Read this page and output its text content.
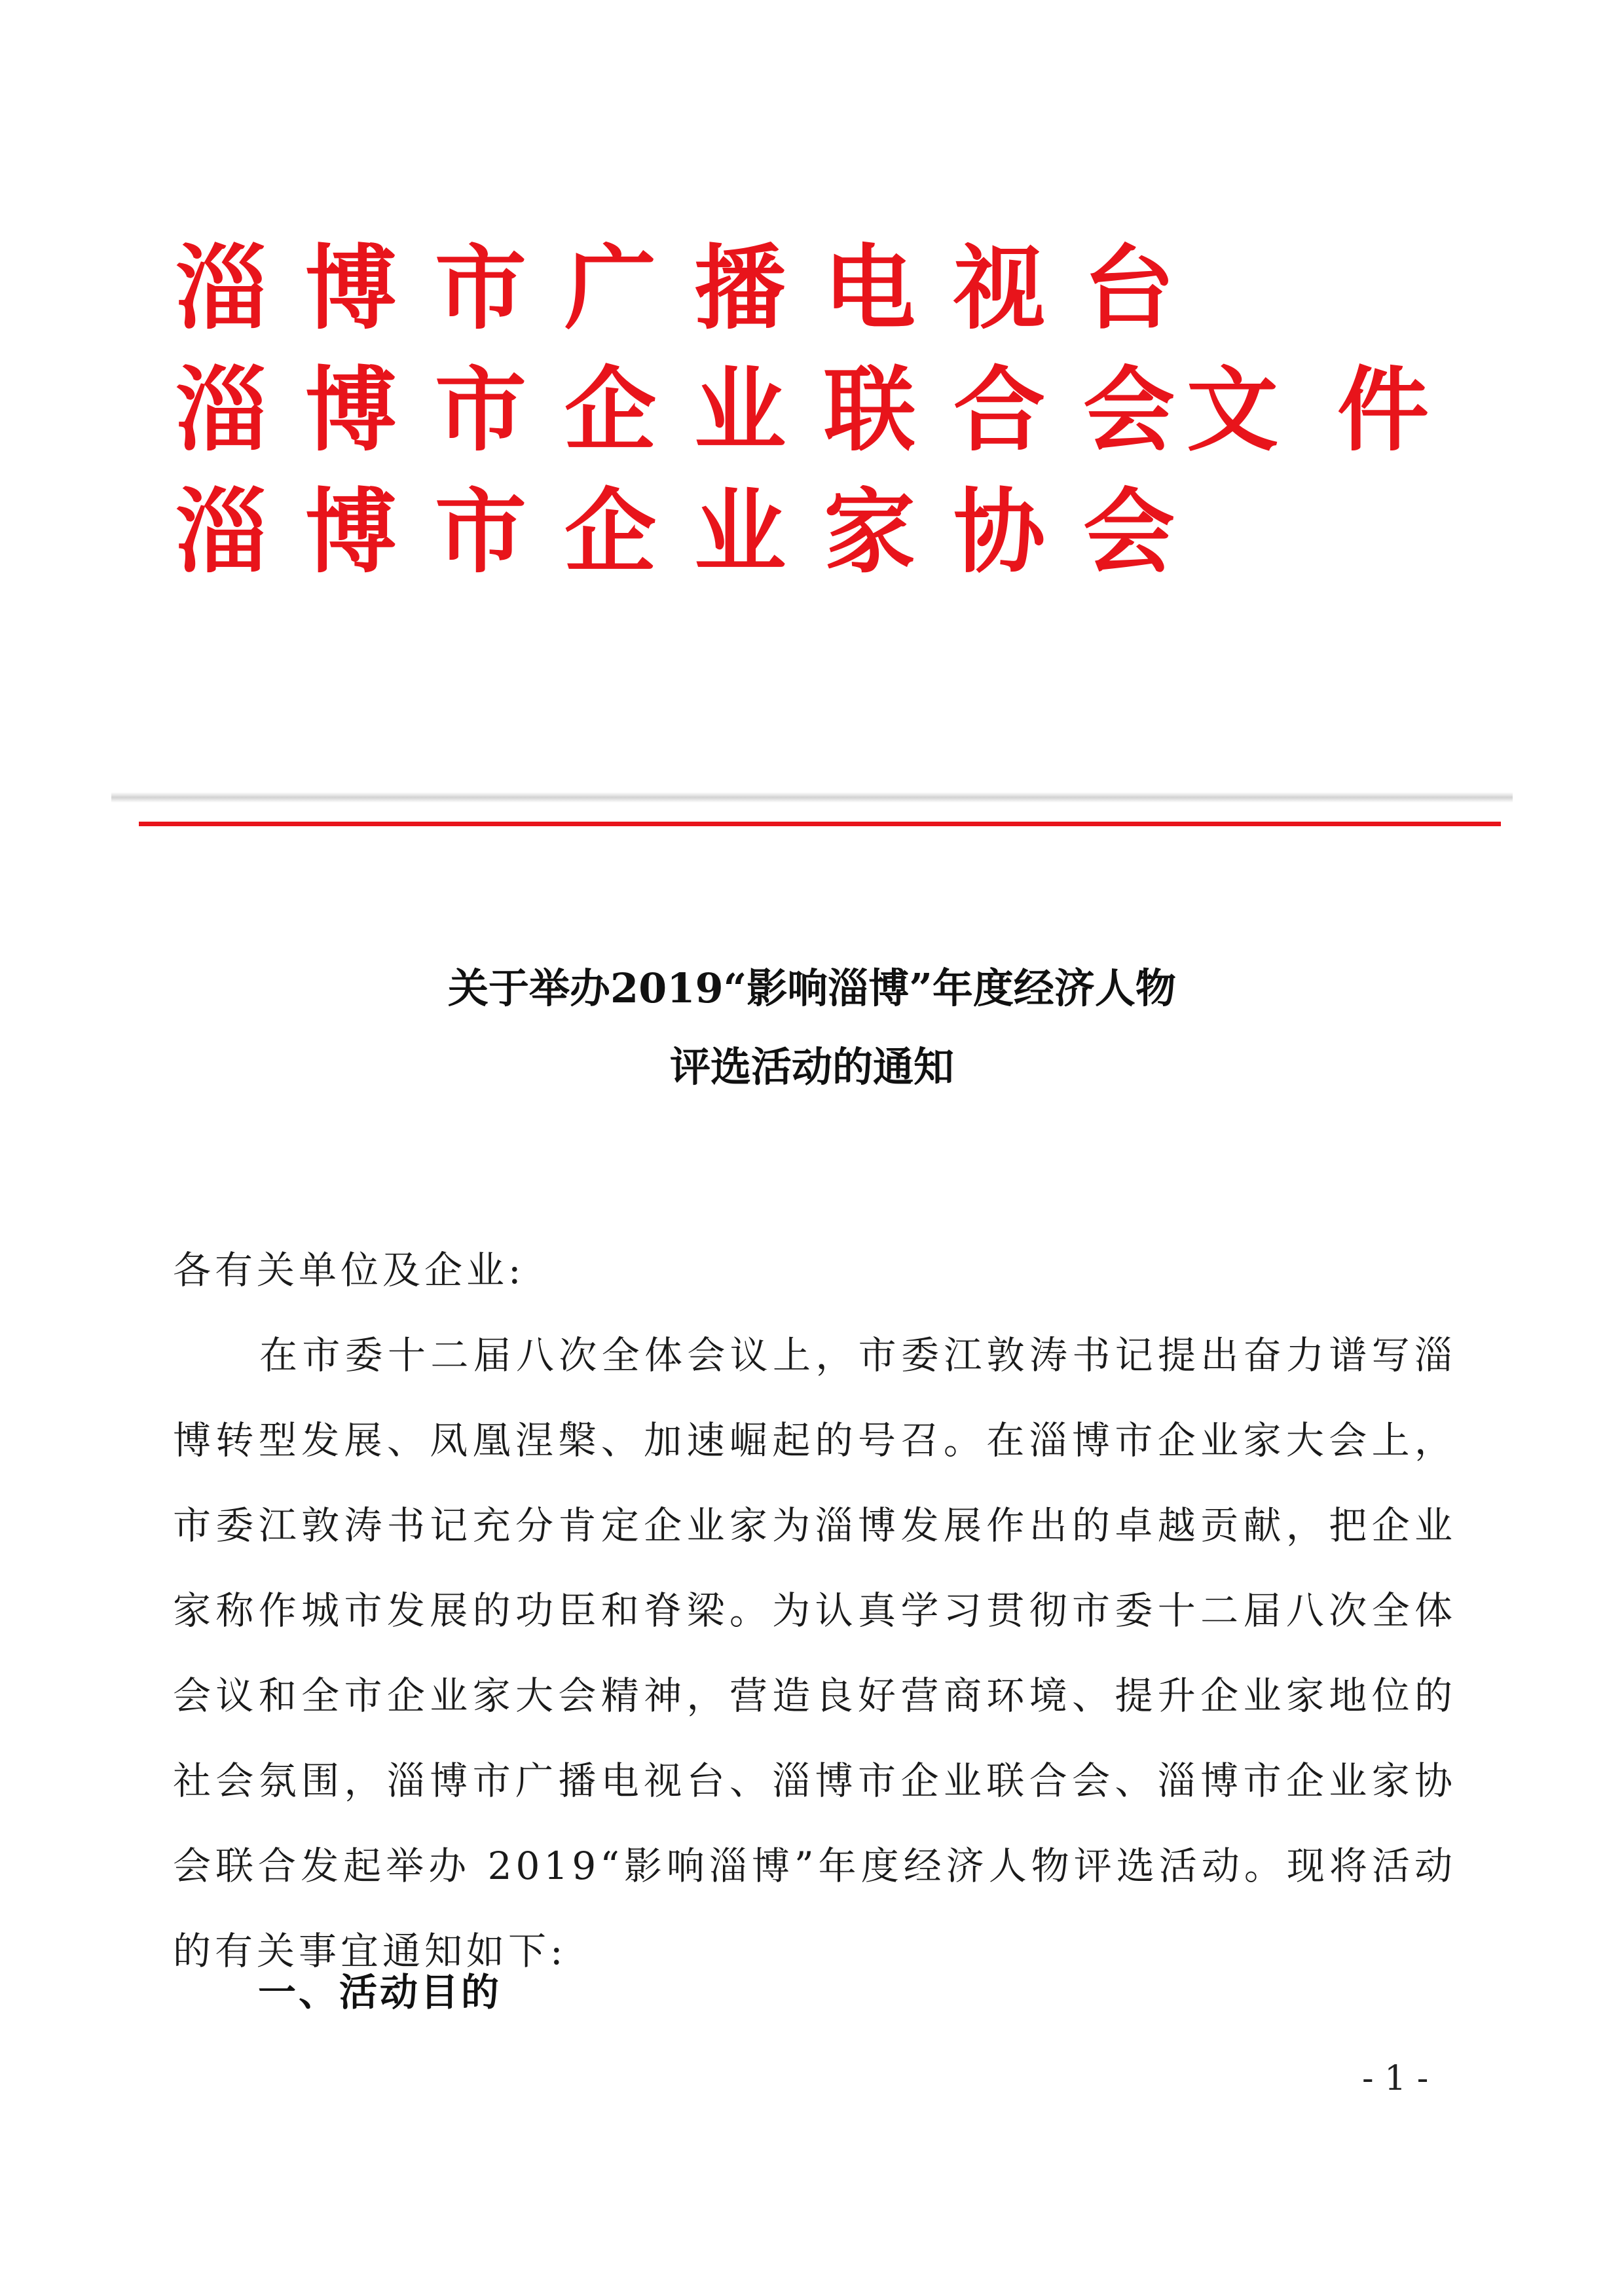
淄博市广播电视台
淄博市企业联合会
淄博市企业家协会
文件
关于举办2019“影响淄博”年度经济人物
评选活动的通知

各有关单位及企业:

在市委十二届八次全体会议上，市委江敦涛书记提出奋力谱写淄博转型发展、凤凰涅槃、加速崛起的号召。在淄博市企业家大会上，市委江敦涛书记充分肯定企业家为淄博发展作出的卓越贡献，把企业家称作城市发展的功臣和脊梁。为认真学习贯彻市委十二届八次全体会议和全市企业家大会精神，营造良好营商环境、提升企业家地位的社会氛围，淄博市广播电视台、淄博市企业联合会、淄博市企业家协会联合发起举办 2019“影响淄博”年度经济人物评选活动。现将活动的有关事宜通知如下:

一、活动目的
- 1 -
